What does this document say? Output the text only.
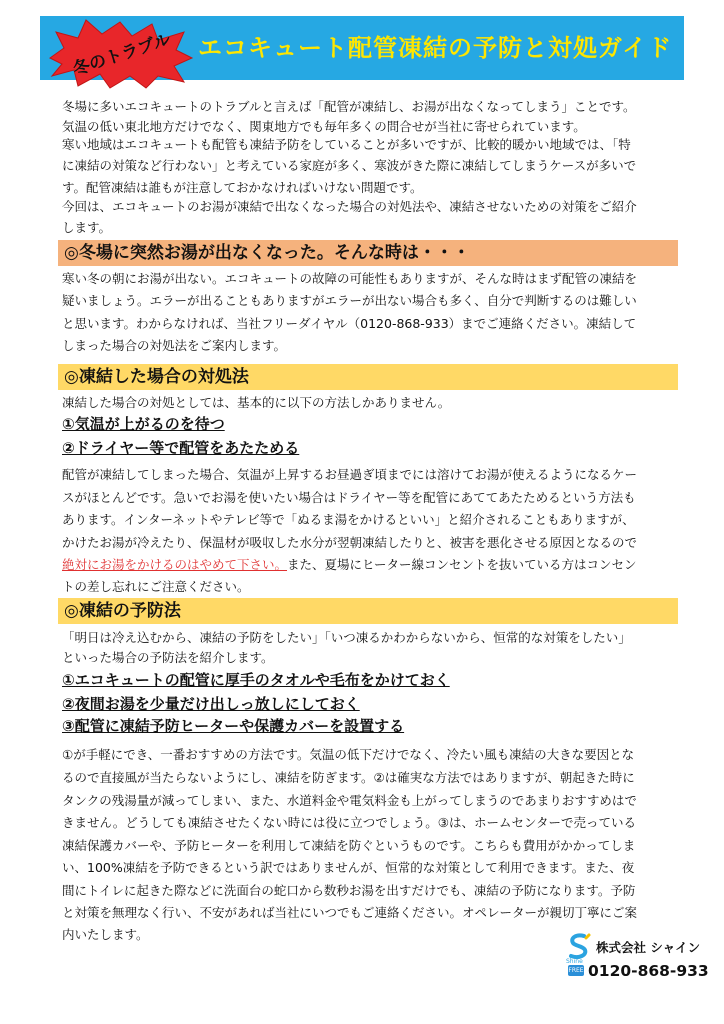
エコキュート配管凍結の予防と対処ガイド
冬のトラブル

冬場に多いエコキュートのトラブルと言えば「配管が凍結し、お湯が出なくなってしまう」ことです。

気温の低い東北地方だけでなく、関東地方でも毎年多くの問合せが当社に寄せられています。

寒い地域はエコキュートも配管も凍結予防をしていることが多いですが、比較的暖かい地域では、「特

に凍結の対策など行わない」と考えている家庭が多く、寒波がきた際に凍結してしまうケースが多いで

す。配管凍結は誰もが注意しておかなければいけない問題です。

今回は、エコキュートのお湯が凍結で出なくなった場合の対処法や、凍結させないための対策をご紹介

します。

◎冬場に突然お湯が出なくなった。そんな時は・・・

寒い冬の朝にお湯が出ない。エコキュートの故障の可能性もありますが、そんな時はまず配管の凍結を

疑いましょう。エラーが出ることもありますがエラーが出ない場合も多く、自分で判断するのは難しい

と思います。わからなければ、当社フリーダイヤル（0120-868-933）までご連絡ください。凍結して

しまった場合の対処法をご案内します。

◎凍結した場合の対処法

凍結した場合の対処としては、基本的に以下の方法しかありません。

①気温が上がるのを待つ
②ドライヤー等で配管をあたためる

配管が凍結してしまった場合、気温が上昇するお昼過ぎ頃までには溶けてお湯が使えるようになるケー

スがほとんどです。急いでお湯を使いたい場合はドライヤー等を配管にあててあたためるという方法も

あります。インターネットやテレビ等で「ぬるま湯をかけるといい」と紹介されることもありますが、

かけたお湯が冷えたり、保温材が吸収した水分が翌朝凍結したりと、被害を悪化させる原因となるので

絶対にお湯をかけるのはやめて下さい。また、夏場にヒーター線コンセントを抜いている方はコンセン

トの差し忘れにご注意ください。

◎凍結の予防法

「明日は冷え込むから、凍結の予防をしたい」「いつ凍るかわからないから、恒常的な対策をしたい」

といった場合の予防法を紹介します。

①エコキュートの配管に厚手のタオルや毛布をかけておく
②夜間お湯を少量だけ出しっ放しにしておく
③配管に凍結予防ヒーターや保護カバーを設置する

①が手軽にでき、一番おすすめの方法です。気温の低下だけでなく、冷たい風も凍結の大きな要因とな

るので直接風が当たらないようにし、凍結を防ぎます。②は確実な方法ではありますが、朝起きた時に

タンクの残湯量が減ってしまい、また、水道料金や電気料金も上がってしまうのであまりおすすめはで

きません。どうしても凍結させたくない時には役に立つでしょう。③は、ホームセンターで売っている

凍結保護カバーや、予防ヒーターを利用して凍結を防ぐというものです。こちらも費用がかかってしま

い、100%凍結を予防できるという訳ではありませんが、恒常的な対策として利用できます。また、夜

間にトイレに起きた際などに洗面台の蛇口から数秒お湯を出すだけでも、凍結の予防になります。予防

と対策を無理なく行い、不安があれば当社にいつでもご連絡ください。オペレーターが親切丁寧にご案

内いたします。

株式会社 シャイン
Shine
FREE 0120-868-933
